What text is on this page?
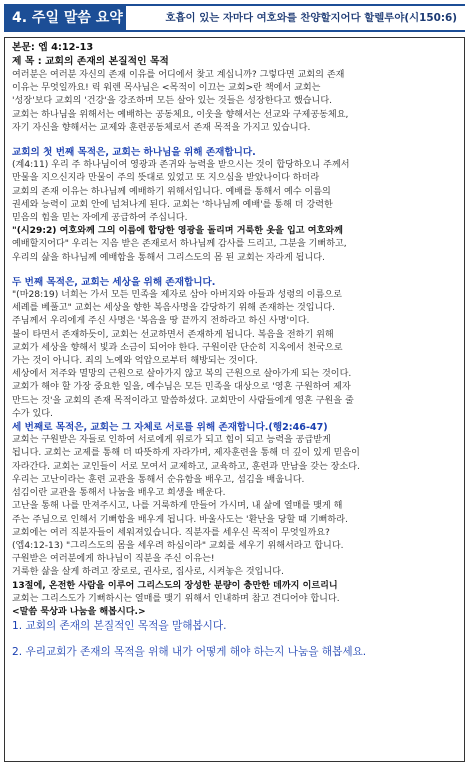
4. 주일 말씀 요약	호흡이 있는 자마다 여호와를 찬양할지어다 할렐루야(시150:6)
본문: 엡 4:12-13
제 목 : 교회의 존재의 본질적인 목적
여러분은 여러분 자신의 존재 이유를 어디에서 찾고 계십니까? 그렇다면 교회의 존재
이유는 무엇일까요! 릭 워렌 목사님은 <목적이 이끄는 교회>란 책에서 교회는
'성장'보다 교회의 '건강'을 강조하며 모든 살아 있는 것들은 성장한다고 했습니다.
교회는 하나님을 위해서는 예배하는 공동체요, 이웃을 향해서는 선교와 구제공동체요,
자기 자신을 향해서는 교제와 훈련공동체로서 존재 목적을 가지고 있습니다.
교회의 첫 번째 목적은, 교회는 하나님을 위해 존재합니다.
(계4:11) 우리 주 하나님이여 영광과 존귀와 능력을 받으시는 것이 합당하오니 주께서
만물을 지으신지라 만물이 주의 뜻대로 있었고 또 지으심을 받았나이다 하더라
교회의 존재 이유는 하나님께 예배하기 위해서입니다. 예배를 통해서 예수 이름의
권세와 능력이 교회 안에 넘쳐나게 된다. 교회는 '하나님께 예배'를 통해 더 강력한
믿음의 힘을 믿는 자에게 공급하여 주십니다.
"(시29:2) 여호와께 그의 이름에 합당한 영광을 돌리며 거룩한 옷을 입고 여호와께
예배할지어다" 우리는 지음 받은 존재로서 하나님께 감사를 드리고, 그분을 기뻐하고,
우리의 삶을 하나님께 예배함을 통해서 그리스도의 몸 된 교회는 자라게 됩니다.
두 번째 목적은, 교회는 세상을 위해 존재합니다.
"(마28:19) 너희는 가서 모든 민족을 제자로 삼아 아버지와 아들과 성령의 이름으로
세례를 베풀고" 교회는 세상을 향한 복음사명을 감당하기 위해 존재하는 것입니다.
주님께서 우리에게 주신 사명은 '복음을 땅 끝까지 전하라고 하신 사명'이다.
불이 타면서 존재하듯이, 교회는 선교하면서 존재하게 됩니다. 복음을 전하기 위해
교회가 세상을 향해서 빛과 소금이 되어야 한다. 구원이란 단순히 지옥에서 천국으로
가는 것이 아니다. 죄의 노예와 억압으로부터 해방되는 것이다.
세상에서 저주와 멸망의 근원으로 살아가지 않고 복의 근원으로 살아가게 되는 것이다.
교회가 해야 할 가장 중요한 일을, 예수님은 모든 민족을 대상으로 '영혼 구원하여 제자
만드는 것'을 교회의 존재 목적이라고 말씀하셨다. 교회만이 사람들에게 영혼 구원을 줄
수가 있다.
세 번째로 목적은, 교회는 그 자체로 서로를 위해 존재합니다.(행2:46-47)
교회는 구원받은 자들로 인하여 서로에게 위로가 되고 힘이 되고 능력을 공급받게
됩니다. 교회는 교제를 통해 더 따뜻하게 자라가며, 제자훈련을 통해 더 깊이 있게 믿음이
자라간다. 교회는 교인들이 서로 모여서 교제하고, 교육하고, 훈련과 만남을 갖는 장소다.
우리는 고난이라는 훈련 교관을 통해서 순유함을 배우고, 섬김을 배웁니다.
섬김이란 교관을 통해서 나눔을 배우고 희생을 배운다.
고난을 통해 나를 만져주시고, 나를 거룩하게 만들어 가시며, 내 삶에 열매를 맺게 해
주는 주님으로 인해서 기뻐함을 배우게 됩니다. 바울사도는 '환난을 당할 때 기뻐하라.
교회에는 여러 직분자들이 세워져있습니다. 직분자를 세우신 목적이 무엇일까요?
(엡4:12-13) "그리스도의 몸을 세우려 하심이라" 교회를 세우기 위해서라고 합니다.
구원받은 여러분에게 하나님이 직분을 주신 이유는!
거룩한 삶을 살게 하려고 장로로, 권사로, 집사로, 시켜놓은 것입니다.
13절에, 온전한 사람을 이루어 그리스도의 장성한 분량이 충만한 데까지 이르리니
교회는 그리스도가 기뻐하시는 열매를 맺기 위해서 인내하며 참고 견디어야 합니다.
<말씀 묵상과 나눔을 해봅시다.>
1. 교회의 존재의 본질적인 목적을 말해봅시다.
2. 우리교회가 존재의 목적을 위해 내가 어떻게 해야 하는지 나눔을 해봅세요.
